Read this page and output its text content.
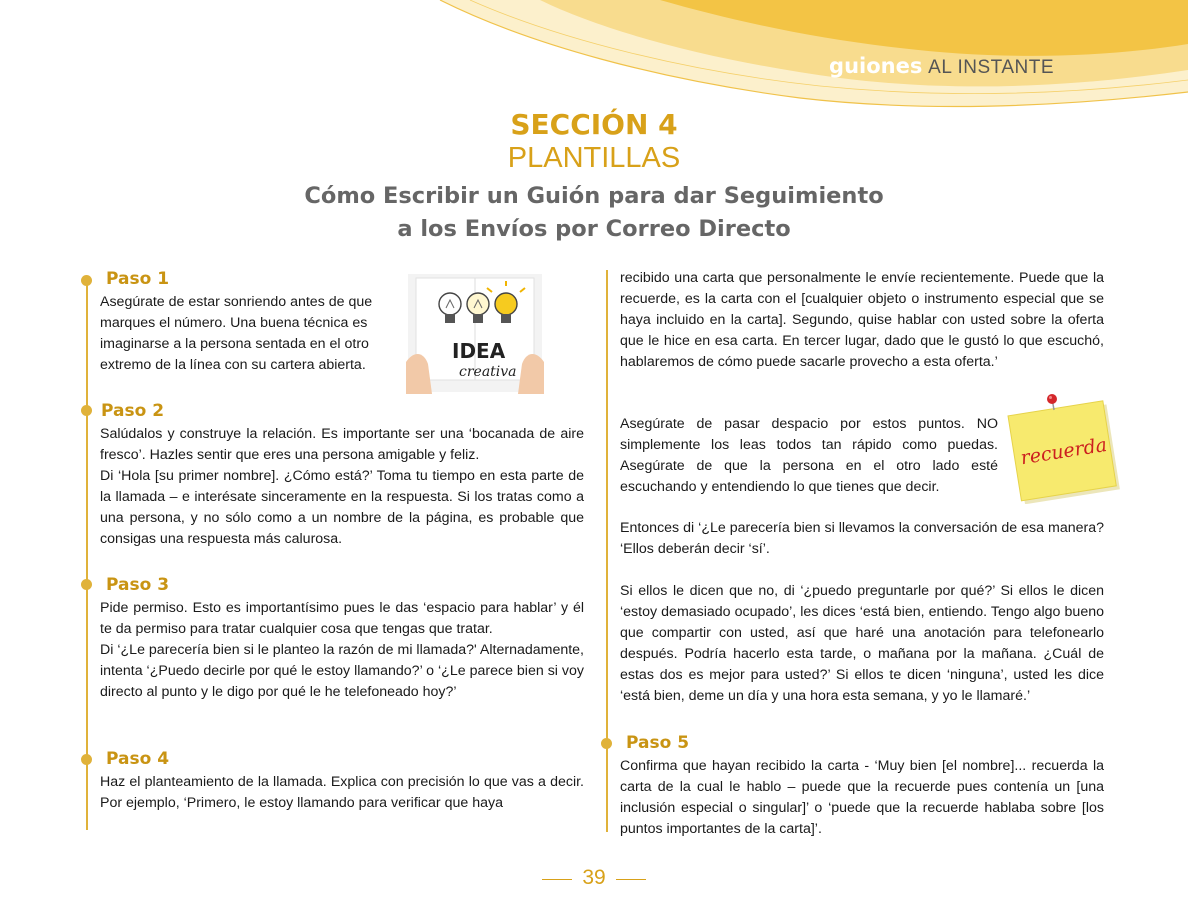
guiones AL INSTANTE
SECCIÓN 4
PLANTILLAS
Cómo Escribir un Guión para dar Seguimiento
a los Envíos por Correo Directo
Paso 1

Asegúrate de estar sonriendo antes de que marques el número. Una buena técnica es imaginarse a la persona sentada en el otro extremo de la línea con su cartera abierta.

IDEA
creativa
Paso 2

Salúdalos y construye la relación. Es importante ser una ‘bocanada de aire fresco’. Hazles sentir que eres una persona amigable y feliz.

Di ‘Hola [su primer nombre]. ¿Cómo está?’ Toma tu tiempo en esta parte de la llamada – e interésate sinceramente en la respuesta. Si los tratas como a una persona, y no sólo como a un nombre de la página, es probable que consigas una respuesta más calurosa.

Paso 3

Pide permiso. Esto es importantísimo pues le das ‘espacio para hablar’ y él te da permiso para tratar cualquier cosa que tengas que tratar.

Di ‘¿Le parecería bien si le planteo la razón de mi llamada?' Alternadamente, intenta ‘¿Puedo decirle por qué le estoy llamando?’ o ‘¿Le parece bien si voy directo al punto y le digo por qué le he telefoneado hoy?’

Paso 4

Haz el planteamiento de la llamada. Explica con precisión lo que vas a decir. Por ejemplo, ‘Primero, le estoy llamando para verificar que haya

recibido una carta que personalmente le envíe recientemente. Puede que la recuerde, es la carta con el [cualquier objeto o instrumento especial que se haya incluido en la carta]. Segundo, quise hablar con usted sobre la oferta que le hice en esa carta. En tercer lugar, dado que le gustó lo que escuchó, hablaremos de cómo puede sacarle provecho a esta oferta.’

Asegúrate de pasar despacio por estos puntos. NO simplemente los leas todos tan rápido como puedas. Asegúrate de que la persona en el otro lado esté escuchando y entendiendo lo que tienes que decir.

recuerda

Entonces di ‘¿Le parecería bien si llevamos la conversación de esa manera? ‘Ellos deberán decir ‘sí’.

Si ellos le dicen que no, di ‘¿puedo preguntarle por qué?’ Si ellos le dicen ‘estoy demasiado ocupado’, les dices ‘está bien, entiendo. Tengo algo bueno que compartir con usted, así que haré una anotación para telefonearlo después. Podría hacerlo esta tarde, o mañana por la mañana. ¿Cuál de estas dos es mejor para usted?’ Si ellos te dicen ‘ninguna’, usted les dice ‘está bien, deme un día y una hora esta semana, y yo le llamaré.’

Paso 5

Confirma que hayan recibido la carta - ‘Muy bien [el nombre]... recuerda la carta de la cual le hablo – puede que la recuerde pues contenía un [una inclusión especial o singular]’ o ‘puede que la recuerde hablaba sobre [los puntos importantes de la carta]’.

39
